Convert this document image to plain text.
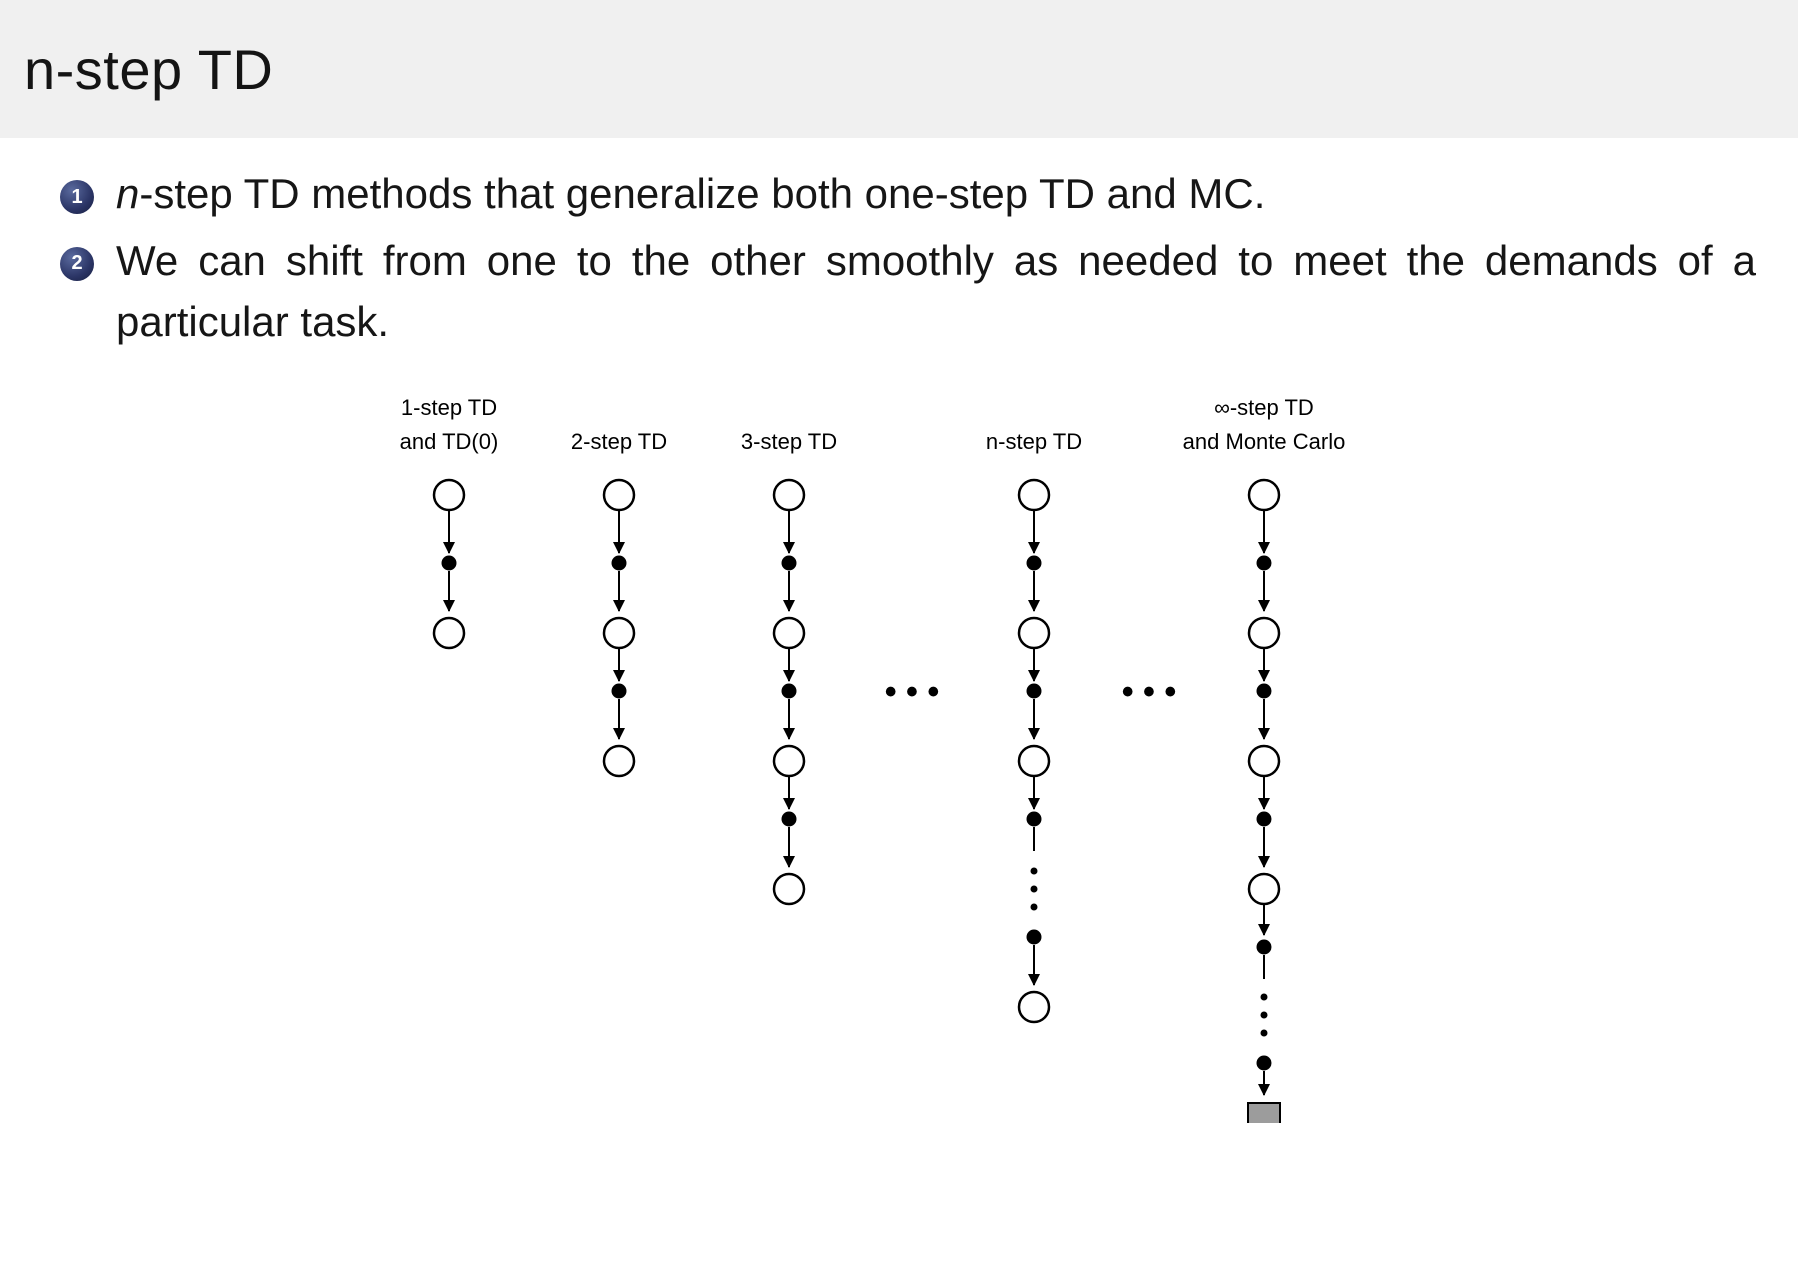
n-step TD
1 n-step TD methods that generalize both one-step TD and MC.
2 We can shift from one to the other smoothly as needed to meet the demands of a particular task.
1-step TD
and TD(0)	2-step TD	3-step TD	n-step TD
∞-step TD
and Monte Carlo
• • •	• • •
